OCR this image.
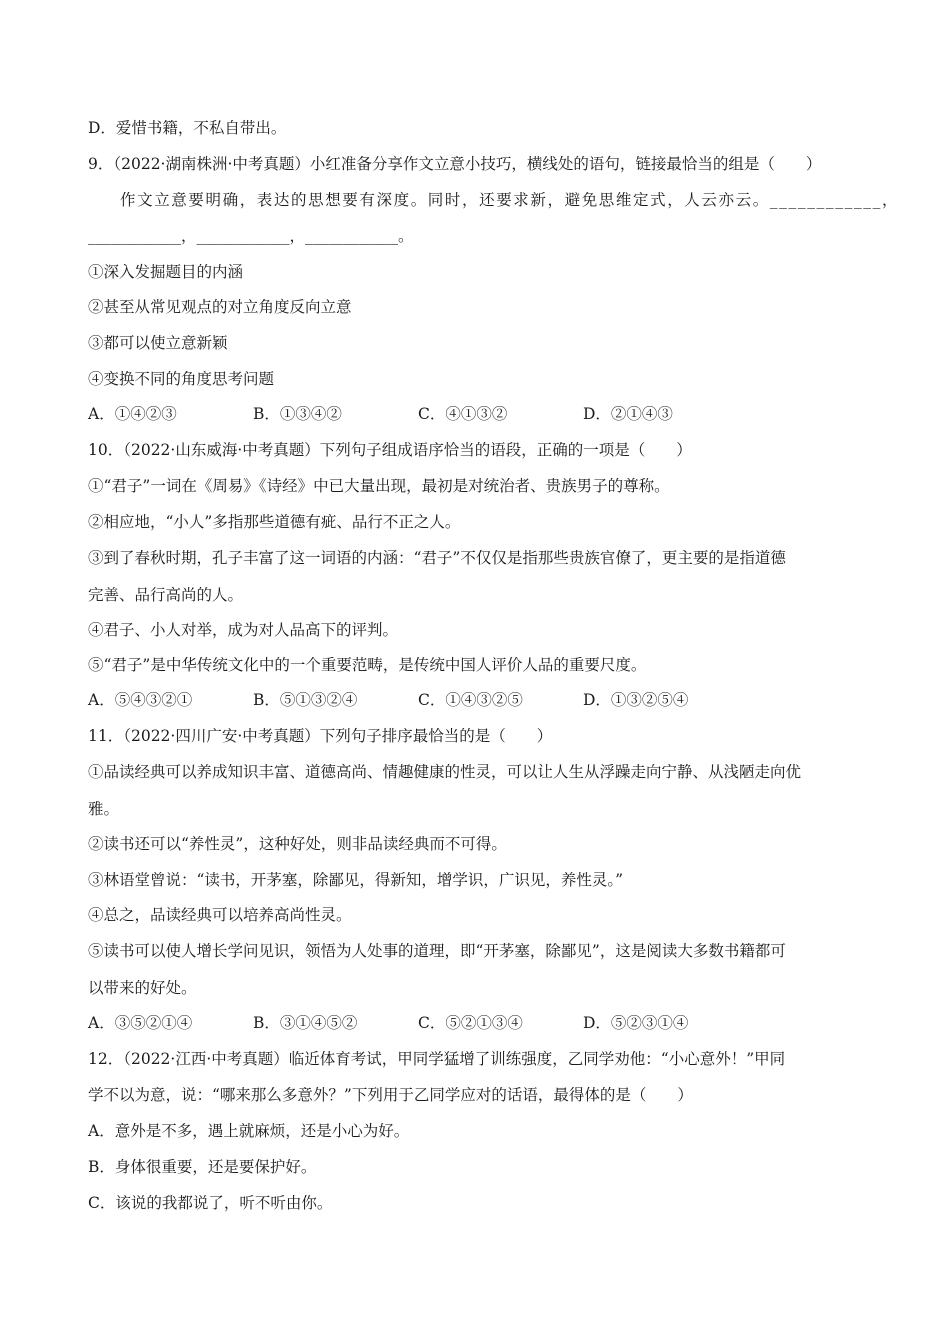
D．爱惜书籍，不私自带出。
9．（2022·湖南株洲·中考真题）小红准备分享作文立意小技巧，横线处的语句，链接最恰当的组是（　　）
作文立意要明确，表达的思想要有深度。同时，还要求新，避免思维定式，人云亦云。____________，
____________，____________，____________。
①深入发掘题目的内涵
②甚至从常见观点的对立角度反向立意
③都可以使立意新颖
④变换不同的角度思考问题
A．①④②③	B．①③④②	C．④①③②	D．②①④③
10．（2022·山东威海·中考真题）下列句子组成语序恰当的语段，正确的一项是（　　）
①“君子”一词在《周易》《诗经》中已大量出现，最初是对统治者、贵族男子的尊称。
②相应地，“小人”多指那些道德有疵、品行不正之人。
③到了春秋时期，孔子丰富了这一词语的内涵：“君子”不仅仅是指那些贵族官僚了，更主要的是指道德
完善、品行高尚的人。
④君子、小人对举，成为对人品高下的评判。
⑤“君子”是中华传统文化中的一个重要范畴，是传统中国人评价人品的重要尺度。
A．⑤④③②①	B．⑤①③②④	C．①④③②⑤	D．①③②⑤④
11．（2022·四川广安·中考真题）下列句子排序最恰当的是（　　）
①品读经典可以养成知识丰富、道德高尚、情趣健康的性灵，可以让人生从浮躁走向宁静、从浅陋走向优
雅。
②读书还可以“养性灵”，这种好处，则非品读经典而不可得。
③林语堂曾说：“读书，开茅塞，除鄙见，得新知，增学识，广识见，养性灵。”
④总之，品读经典可以培养高尚性灵。
⑤读书可以使人增长学问见识，领悟为人处事的道理，即“开茅塞，除鄙见”，这是阅读大多数书籍都可
以带来的好处。
A．③⑤②①④	B．③①④⑤②	C．⑤②①③④	D．⑤②③①④
12．（2022·江西·中考真题）临近体育考试，甲同学猛增了训练强度，乙同学劝他：“小心意外！”甲同
学不以为意，说：“哪来那么多意外？”下列用于乙同学应对的话语，最得体的是（　　）
A．意外是不多，遇上就麻烦，还是小心为好。
B．身体很重要，还是要保护好。
C．该说的我都说了，听不听由你。
